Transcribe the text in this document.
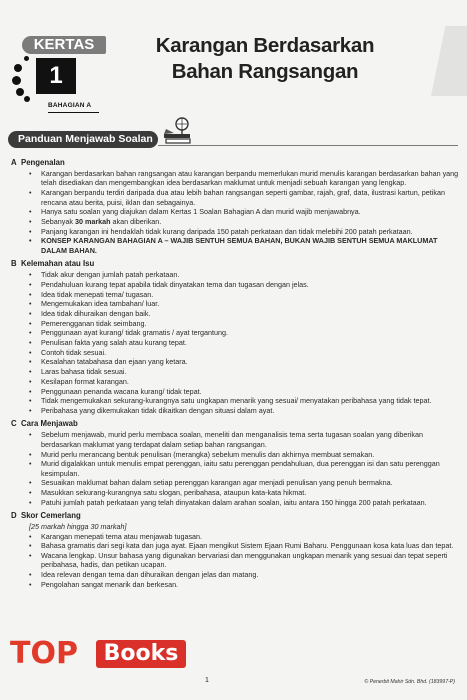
KERTAS
1
BAHAGIAN A
Karangan Berdasarkan
Bahan Rangsangan
Panduan Menjawab Soalan
A Pengenalan
• Karangan berdasarkan bahan rangsangan atau karangan berpandu memerlukan murid menulis karangan berdasarkan bahan yang telah disediakan dan mengembangkan idea berdasarkan maklumat untuk menjadi sebuah karangan yang lengkap.
• Karangan berpandu terdiri daripada dua atau lebih bahan rangsangan seperti gambar, rajah, graf, data, ilustrasi kartun, petikan rencana atau berita, puisi, iklan dan sebagainya.
• Hanya satu soalan yang diajukan dalam Kertas 1 Soalan Bahagian A dan murid wajib menjawabnya.
• Sebanyak 30 markah akan diberikan.
• Panjang karangan ini hendaklah tidak kurang daripada 150 patah perkataan dan tidak melebihi 200 patah perkataan.
• KONSEP KARANGAN BAHAGIAN A – WAJIB SENTUH SEMUA BAHAN, BUKAN WAJIB SENTUH SEMUA MAKLUMAT DALAM BAHAN.
B Kelemahan atau Isu
• Tidak akur dengan jumlah patah perkataan.
• Pendahuluan kurang tepat apabila tidak dinyatakan tema dan tugasan dengan jelas.
• Idea tidak menepati tema/ tugasan.
• Mengemukakan idea tambahan/ luar.
• Idea tidak dihuraikan dengan baik.
• Pemerengganan tidak seimbang.
• Penggunaan ayat kurang/ tidak gramatis / ayat tergantung.
• Penulisan fakta yang salah atau kurang tepat.
• Contoh tidak sesuai.
• Kesalahan tatabahasa dan ejaan yang ketara.
• Laras bahasa tidak sesuai.
• Kesilapan format karangan.
• Penggunaan penanda wacana kurang/ tidak tepat.
• Tidak mengemukakan sekurang-kurangnya satu ungkapan menarik yang sesuai/ menyatakan peribahasa yang tidak tepat.
• Peribahasa yang dikemukakan tidak dikaitkan dengan situasi dalam ayat.
C Cara Menjawab
• Sebelum menjawab, murid perlu membaca soalan, meneliti dan menganalisis tema serta tugasan soalan yang diberikan berdasarkan maklumat yang terdapat dalam setiap bahan rangsangan.
• Murid perlu merancang bentuk penulisan (merangka) sebelum menulis dan akhirnya membuat semakan.
• Murid digalakkan untuk menulis empat perenggan, iaitu satu perenggan pendahuluan, dua perenggan isi dan satu perenggan kesimpulan.
• Sesuaikan maklumat bahan dalam setiap perenggan karangan agar menjadi penulisan yang penuh bermakna.
• Masukkan sekurang-kurangnya satu slogan, peribahasa, ataupun kata-kata hikmat.
• Patuhi jumlah patah perkataan yang telah dinyatakan dalam arahan soalan, iaitu antara 150 hingga 200 patah perkataan.
D Skor Cemerlang
[25 markah hingga 30 markah]
• Karangan menepati tema atau menjawab tugasan.
• Bahasa gramatis dari segi kata dan juga ayat. Ejaan mengikut Sistem Ejaan Rumi Baharu. Penggunaan kosa kata luas dan tepat.
• Wacana lengkap. Unsur bahasa yang digunakan bervariasi dan menggunakan ungkapan menarik yang sesuai dan tepat seperti peribahasa, hadis, dan petikan ucapan.
• Idea relevan dengan tema dan dihuraikan dengan jelas dan matang.
• Pengolahan sangat menarik dan berkesan.
TOP	Books
1	© Penerbit Mahir Sdn. Bhd. (183997-P)
